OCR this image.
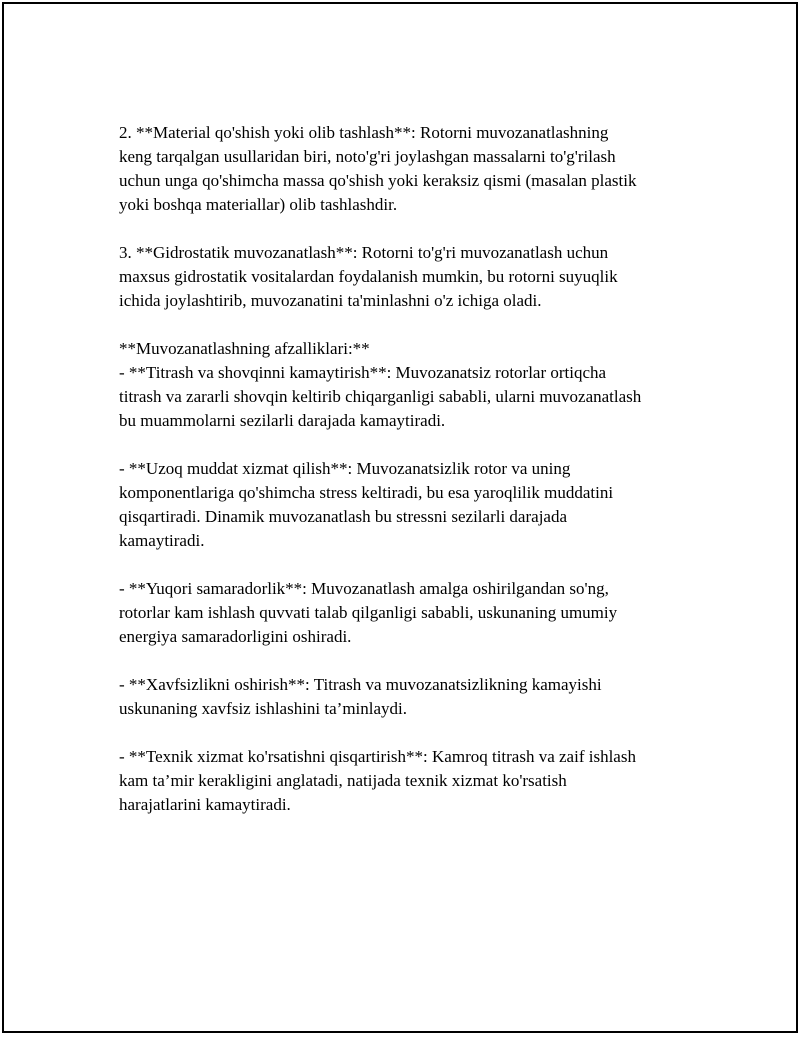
2. **Material qo'shish yoki olib tashlash**: Rotorni muvozanatlashning
keng tarqalgan usullaridan biri, noto'g'ri joylashgan massalarni to'g'rilash
uchun unga qo'shimcha massa qo'shish yoki keraksiz qismi (masalan plastik
yoki boshqa materiallar) olib tashlashdir.
3. **Gidrostatik muvozanatlash**: Rotorni to'g'ri muvozanatlash uchun
maxsus gidrostatik vositalardan foydalanish mumkin, bu rotorni suyuqlik
ichida joylashtirib, muvozanatini ta'minlashni o'z ichiga oladi.
**Muvozanatlashning afzalliklari:**
- **Titrash va shovqinni kamaytirish**: Muvozanatsiz rotorlar ortiqcha
titrash va zararli shovqin keltirib chiqarganligi sababli, ularni muvozanatlash
bu muammolarni sezilarli darajada kamaytiradi.
- **Uzoq muddat xizmat qilish**: Muvozanatsizlik rotor va uning
komponentlariga qo'shimcha stress keltiradi, bu esa yaroqlilik muddatini
qisqartiradi. Dinamik muvozanatlash bu stressni sezilarli darajada
kamaytiradi.
- **Yuqori samaradorlik**: Muvozanatlash amalga oshirilgandan so'ng,
rotorlar kam ishlash quvvati talab qilganligi sababli, uskunaning umumiy
energiya samaradorligini oshiradi.
- **Xavfsizlikni oshirish**: Titrash va muvozanatsizlikning kamayishi
uskunaning xavfsiz ishlashini ta’minlaydi.
- **Texnik xizmat ko'rsatishni qisqartirish**: Kamroq titrash va zaif ishlash
kam ta’mir kerakligini anglatadi, natijada texnik xizmat ko'rsatish
harajatlarini kamaytiradi.
